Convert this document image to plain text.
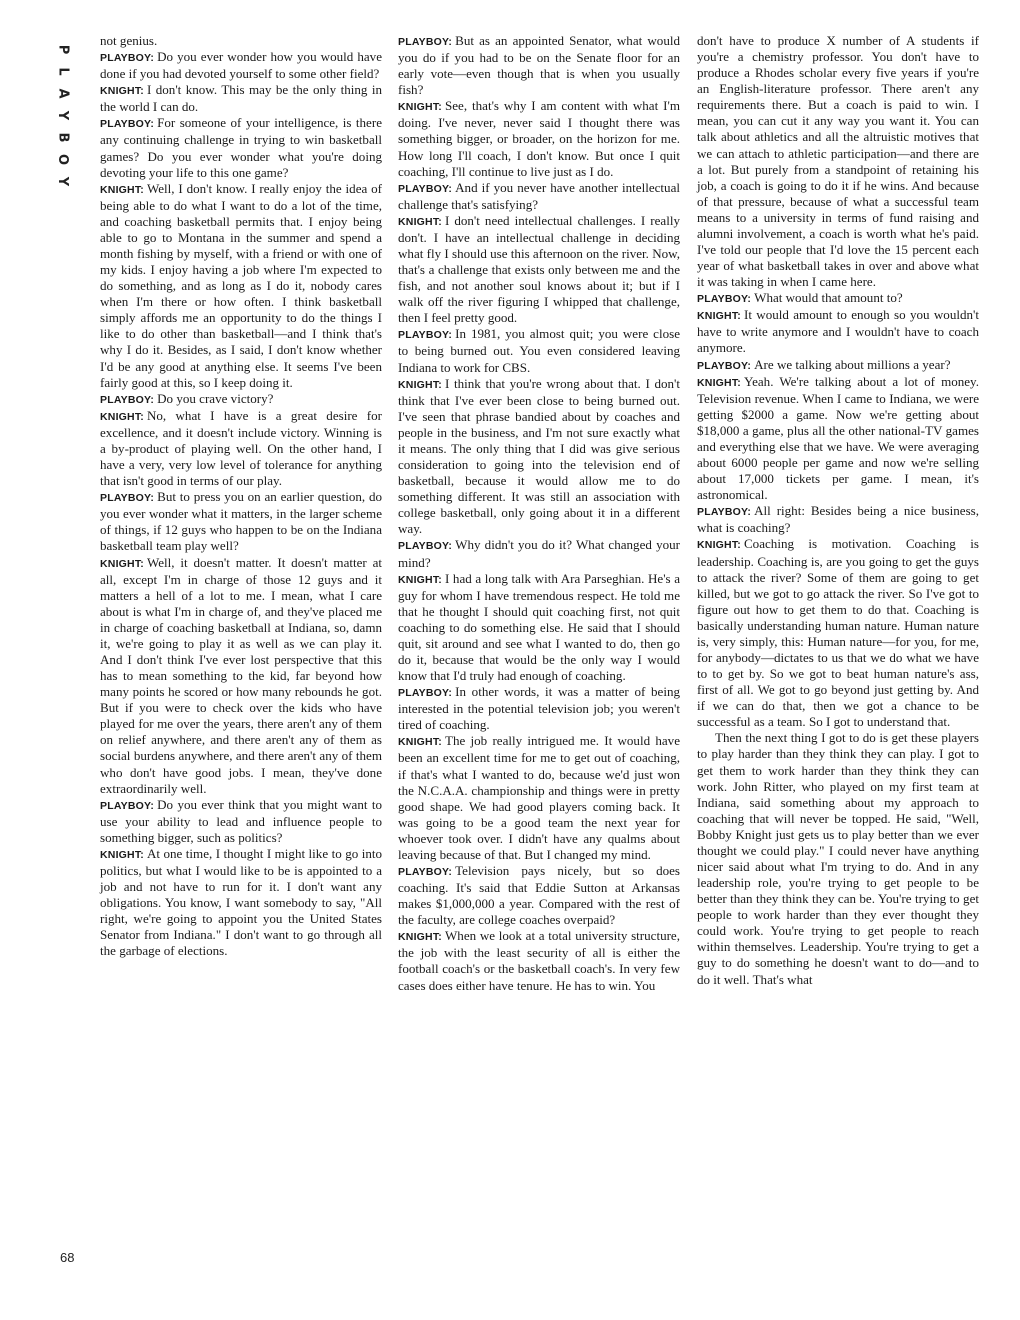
P
L
A
Y
B
O
Y

not genius.

PLAYBOY: Do you ever wonder how you would have done if you had devoted yourself to some other field?

KNIGHT: I don't know. This may be the only thing in the world I can do.

PLAYBOY: For someone of your intelligence, is there any continuing challenge in trying to win basketball games? Do you ever wonder what you're doing devoting your life to this one game?

KNIGHT: Well, I don't know. I really enjoy the idea of being able to do what I want to do a lot of the time, and coaching basketball permits that. I enjoy being able to go to Montana in the summer and spend a month fishing by myself, with a friend or with one of my kids. I enjoy having a job where I'm expected to do something, and as long as I do it, nobody cares when I'm there or how often. I think basketball simply affords me an opportunity to do the things I like to do other than basketball—and I think that's why I do it. Besides, as I said, I don't know whether I'd be any good at anything else. It seems I've been fairly good at this, so I keep doing it.

PLAYBOY: Do you crave victory?

KNIGHT: No, what I have is a great desire for excellence, and it doesn't include victory. Winning is a by-product of playing well. On the other hand, I have a very, very low level of tolerance for anything that isn't good in terms of our play.

PLAYBOY: But to press you on an earlier question, do you ever wonder what it matters, in the larger scheme of things, if 12 guys who happen to be on the Indiana basketball team play well?

KNIGHT: Well, it doesn't matter. It doesn't matter at all, except I'm in charge of those 12 guys and it matters a hell of a lot to me. I mean, what I care about is what I'm in charge of, and they've placed me in charge of coaching basketball at Indiana, so, damn it, we're going to play it as well as we can play it. And I don't think I've ever lost perspective that this has to mean something to the kid, far beyond how many points he scored or how many rebounds he got. But if you were to check over the kids who have played for me over the years, there aren't any of them on relief anywhere, and there aren't any of them as social burdens anywhere, and there aren't any of them who don't have good jobs. I mean, they've done extraordinarily well.

PLAYBOY: Do you ever think that you might want to use your ability to lead and influence people to something bigger, such as politics?

KNIGHT: At one time, I thought I might like to go into politics, but what I would like to be is appointed to a job and not have to run for it. I don't want any obligations. You know, I want somebody to say, "All right, we're going to appoint you the United States Senator from Indiana." I don't want to go through all the garbage of elections.

PLAYBOY: But as an appointed Senator, what would you do if you had to be on the Senate floor for an early vote—even though that is when you usually fish?

KNIGHT: See, that's why I am content with what I'm doing. I've never, never said I thought there was something bigger, or broader, on the horizon for me. How long I'll coach, I don't know. But once I quit coaching, I'll continue to live just as I do.

PLAYBOY: And if you never have another intellectual challenge that's satisfying?

KNIGHT: I don't need intellectual challenges. I really don't. I have an intellectual challenge in deciding what fly I should use this afternoon on the river. Now, that's a challenge that exists only between me and the fish, and not another soul knows about it; but if I walk off the river figuring I whipped that challenge, then I feel pretty good.

PLAYBOY: In 1981, you almost quit; you were close to being burned out. You even considered leaving Indiana to work for CBS.

KNIGHT: I think that you're wrong about that. I don't think that I've ever been close to being burned out. I've seen that phrase bandied about by coaches and people in the business, and I'm not sure exactly what it means. The only thing that I did was give serious consideration to going into the television end of basketball, because it would allow me to do something different. It was still an association with college basketball, only going about it in a different way.

PLAYBOY: Why didn't you do it? What changed your mind?

KNIGHT: I had a long talk with Ara Parseghian. He's a guy for whom I have tremendous respect. He told me that he thought I should quit coaching first, not quit coaching to do something else. He said that I should quit, sit around and see what I wanted to do, then go do it, because that would be the only way I would know that I'd truly had enough of coaching.

PLAYBOY: In other words, it was a matter of being interested in the potential television job; you weren't tired of coaching.

KNIGHT: The job really intrigued me. It would have been an excellent time for me to get out of coaching, if that's what I wanted to do, because we'd just won the N.C.A.A. championship and things were in pretty good shape. We had good players coming back. It was going to be a good team the next year for whoever took over. I didn't have any qualms about leaving because of that. But I changed my mind.

PLAYBOY: Television pays nicely, but so does coaching. It's said that Eddie Sutton at Arkansas makes $1,000,000 a year. Compared with the rest of the faculty, are college coaches overpaid?

KNIGHT: When we look at a total university structure, the job with the least security of all is either the football coach's or the basketball coach's. In very few cases does either have tenure. He has to win. You

don't have to produce X number of A students if you're a chemistry professor. You don't have to produce a Rhodes scholar every five years if you're an English-literature professor. There aren't any requirements there. But a coach is paid to win. I mean, you can cut it any way you want it. You can talk about athletics and all the altruistic motives that we can attach to athletic participation—and there are a lot. But purely from a standpoint of retaining his job, a coach is going to do it if he wins. And because of that pressure, because of what a successful team means to a university in terms of fund raising and alumni involvement, a coach is worth what he's paid. I've told our people that I'd love the 15 percent each year of what basketball takes in over and above what it was taking in when I came here.

PLAYBOY: What would that amount to?

KNIGHT: It would amount to enough so you wouldn't have to write anymore and I wouldn't have to coach anymore.

PLAYBOY: Are we talking about millions a year?

KNIGHT: Yeah. We're talking about a lot of money. Television revenue. When I came to Indiana, we were getting $2000 a game. Now we're getting about $18,000 a game, plus all the other national-TV games and everything else that we have. We were averaging about 6000 people per game and now we're selling about 17,000 tickets per game. I mean, it's astronomical.

PLAYBOY: All right: Besides being a nice business, what is coaching?

KNIGHT: Coaching is motivation. Coaching is leadership. Coaching is, are you going to get the guys to attack the river? Some of them are going to get killed, but we got to go attack the river. So I've got to figure out how to get them to do that. Coaching is basically understanding human nature. Human nature is, very simply, this: Human nature—for you, for me, for anybody—dictates to us that we do what we have to to get by. So we got to beat human nature's ass, first of all. We got to go beyond just getting by. And if we can do that, then we got a chance to be successful as a team. So I got to understand that.

Then the next thing I got to do is get these players to play harder than they think they can play. I got to get them to work harder than they think they can work. John Ritter, who played on my first team at Indiana, said something about my approach to coaching that will never be topped. He said, "Well, Bobby Knight just gets us to play better than we ever thought we could play." I could never have anything nicer said about what I'm trying to do. And in any leadership role, you're trying to get people to be better than they think they can be. You're trying to get people to work harder than they ever thought they could work. You're trying to get people to reach within themselves. Leadership. You're trying to get a guy to do something he doesn't want to do—and to do it well. That's what

68
